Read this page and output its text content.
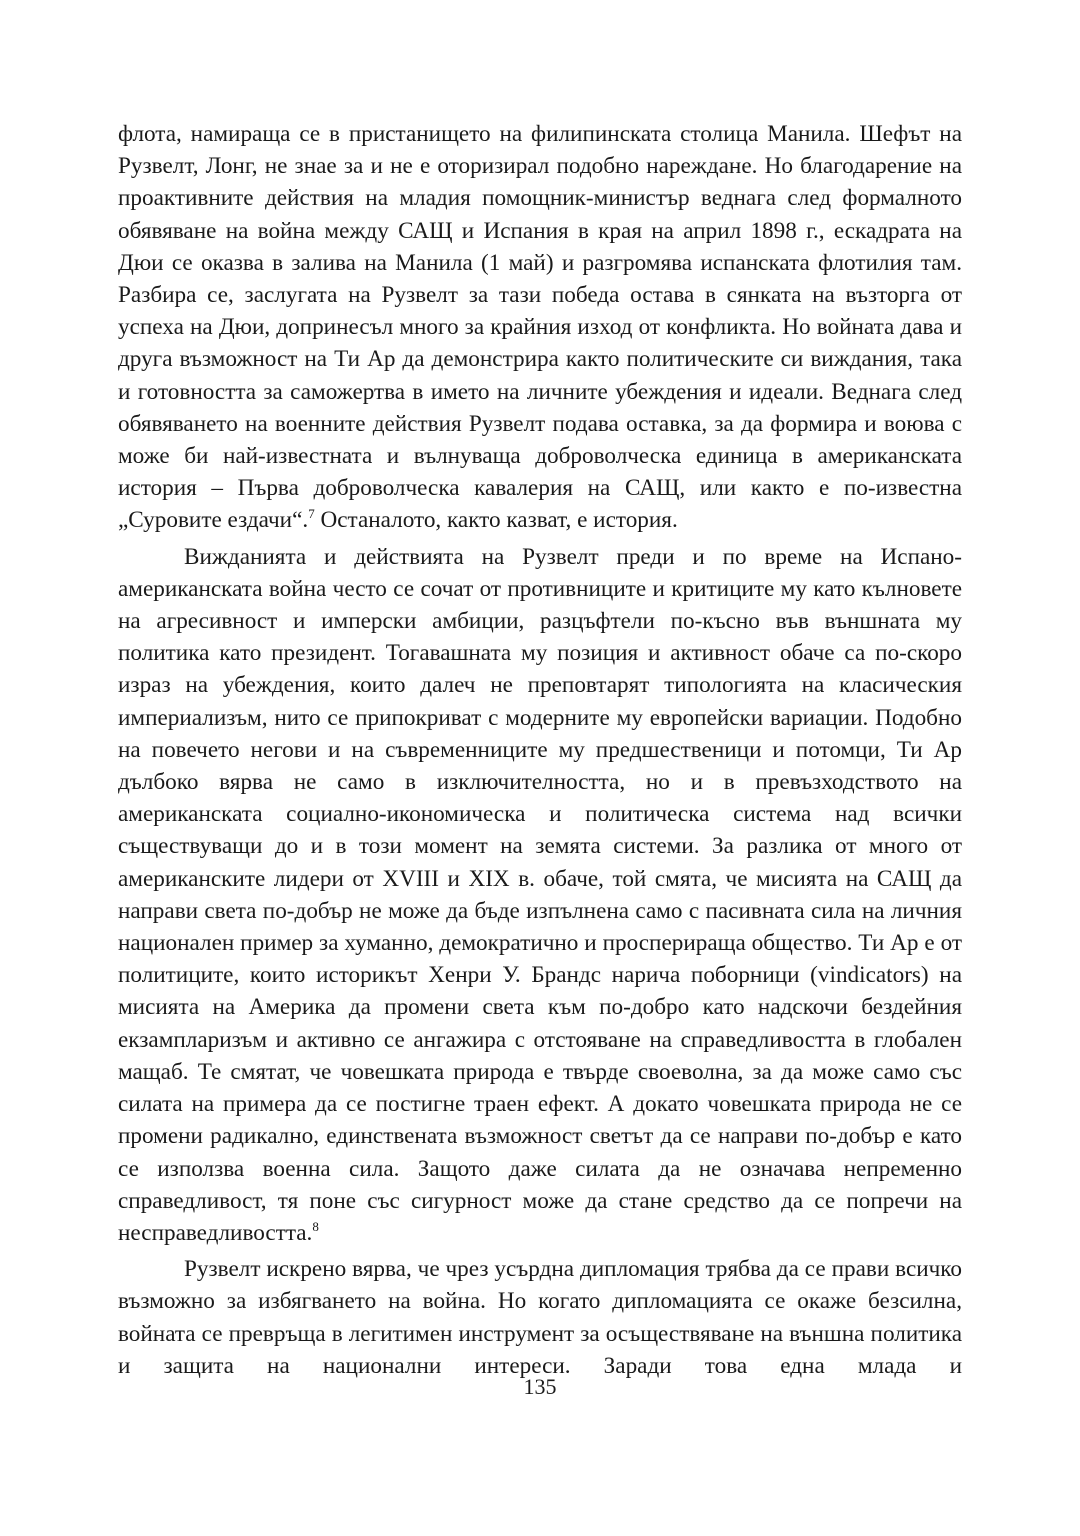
флота, намираща се в пристанището на филипинската столица Манила. Шефът на Рузвелт, Лонг, не знае за и не е оторизирал подобно нареждане. Но благодарение на проактивните действия на младия помощник-министър веднага след формалното обявяване на война между САЩ и Испания в края на април 1898 г., ескадрата на Дюи се оказва в залива на Манила (1 май) и разгромява испанската флотилия там. Разбира се, заслугата на Рузвелт за тази победа остава в сянката на възторга от успеха на Дюи, допринесъл много за крайния изход от конфликта. Но войната дава и друга възможност на Ти Ар да демонстрира както политическите си виждания, така и готовността за саможертва в името на личните убеждения и идеали. Веднага след обявяването на военните действия Рузвелт подава оставка, за да формира и воюва с може би най-известната и вълнуваща доброволческа единица в американската история – Първа доброволческа кавалерия на САЩ, или както е по-известна „Суровите ездачи“.$^7$ Останалото, както казват, е история.

Вижданията и действията на Рузвелт преди и по време на Испано-американската война често се сочат от противниците и критиците му като кълновете на агресивност и имперски амбиции, разцъфтели по-късно във външната му политика като президент. Тогавашната му позиция и активност обаче са по-скоро израз на убеждения, които далеч не преповтарят типологията на класическия империализъм, нито се припокриват с модерните му европейски вариации. Подобно на повечето негови и на съвременниците му предшественици и потомци, Ти Ар дълбоко вярва не само в изключителността, но и в превъзходството на американската социално-икономическа и политическа система над всички съществуващи до и в този момент на земята системи. За разлика от много от американските лидери от XVIII и XIX в. обаче, той смята, че мисията на САЩ да направи света по-добър не може да бъде изпълнена само с пасивната сила на личния национален пример за хуманно, демократично и просперираща общество. Ти Ар е от политиците, които историкът Хенри У. Брандс нарича поборници (vindicators) на мисията на Америка да промени света към по-добро като надскочи бездейния екзампларизъм и активно се ангажира с отстояване на справедливостта в глобален мащаб. Те смятат, че човешката природа е твърде своеволна, за да може само със силата на примера да се постигне траен ефект. А докато човешката природа не се промени радикално, единствената възможност светът да се направи по-добър е като се използва военна сила. Защото даже силата да не означава непременно справедливост, тя поне със сигурност може да стане средство да се попречи на несправедливостта.$^8$

Рузвелт искрено вярва, че чрез усърдна дипломация трябва да се прави всичко възможно за избягването на война. Но когато дипломацията се окаже безсилна, войната се превръща в легитимен инструмент за осъществяване на външна политика и защита на национални интереси. Заради това една млада и

135
